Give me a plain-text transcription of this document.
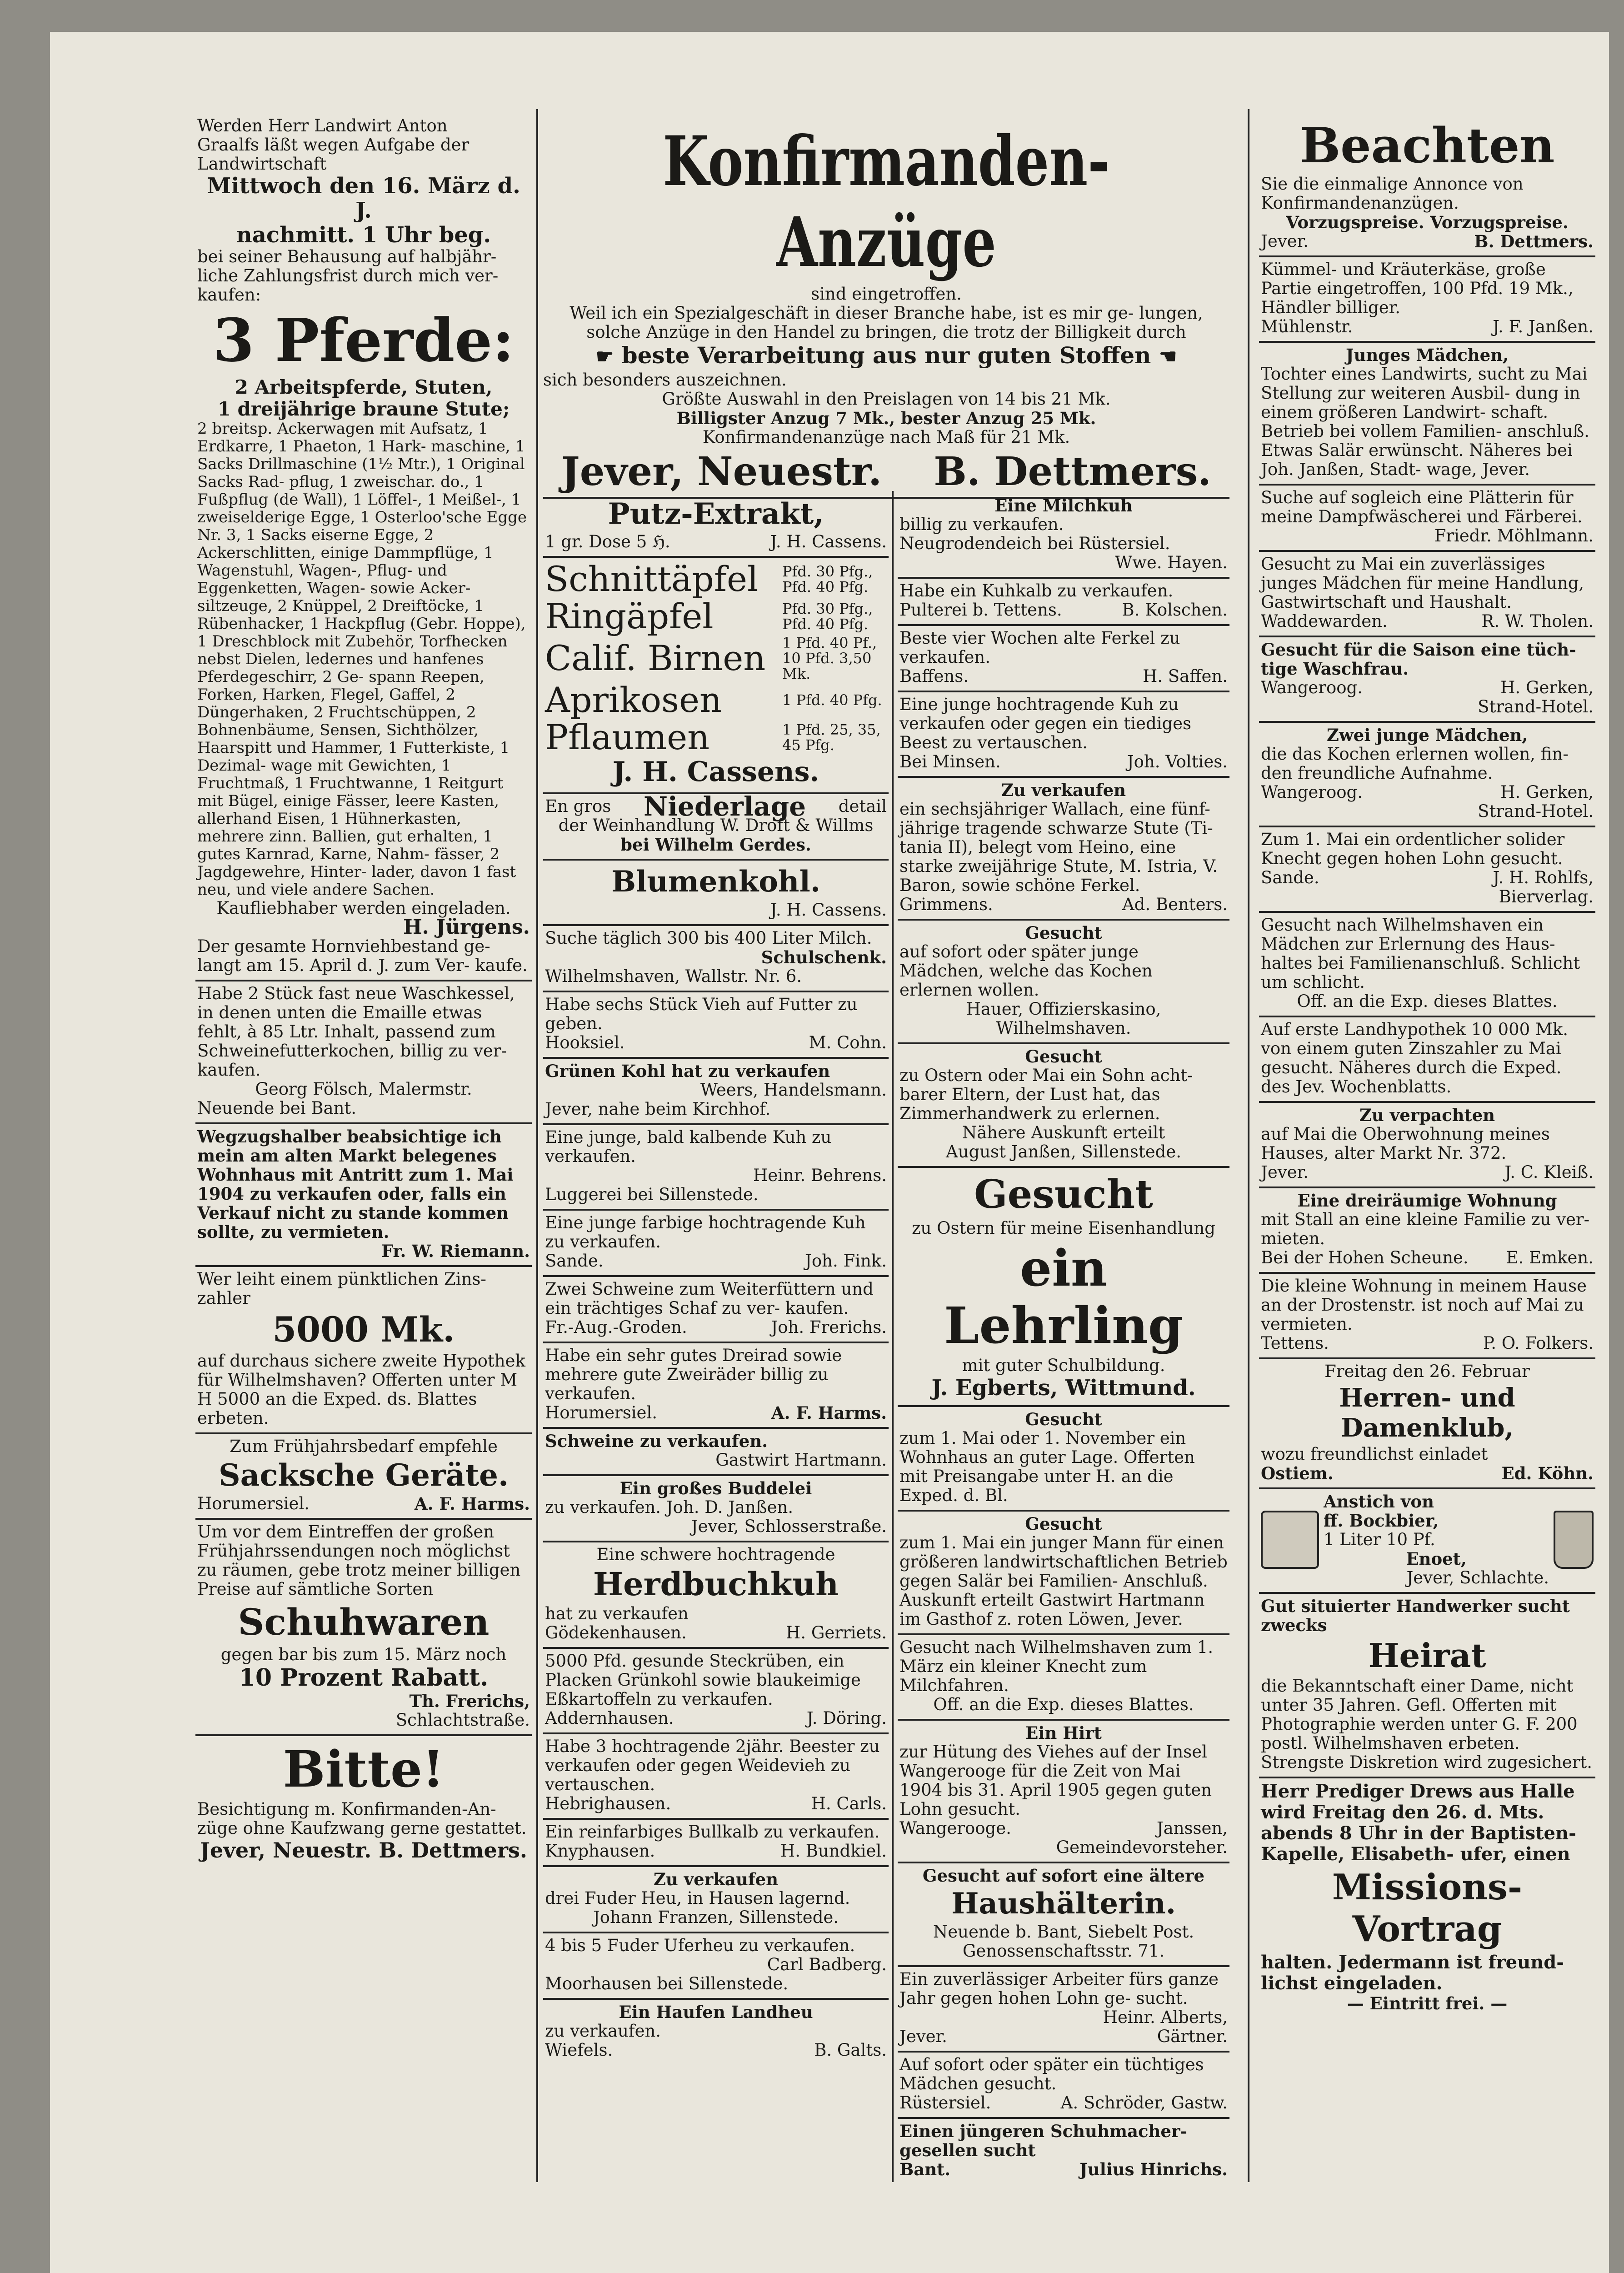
Werden Herr Landwirt Anton

Graalfs läßt wegen Aufgabe der

Landwirtschaft

Mittwoch den 16. März d. J.

nachmitt. 1 Uhr beg.

bei seiner Behausung auf halbjähr- liche Zahlungsfrist durch mich ver- kaufen:

3 Pferde:

2 Arbeitspferde, Stuten,

1 dreijährige braune Stute;

2 breitsp. Ackerwagen mit Aufsatz, 1 Erdkarre, 1 Phaeton, 1 Hark- maschine, 1 Sacks Drillmaschine (1½ Mtr.), 1 Original Sacks Rad- pflug, 1 zweischar. do., 1 Fußpflug (de Wall), 1 Löffel-, 1 Meißel-, 1 zweiselderige Egge, 1 Osterloo'sche Egge Nr. 3, 1 Sacks eiserne Egge, 2 Ackerschlitten, einige Dammpflüge, 1 Wagenstuhl, Wagen-, Pflug- und Eggenketten, Wagen- sowie Acker- siltzeuge, 2 Knüppel, 2 Dreiftöcke, 1 Rübenhacker, 1 Hackpflug (Gebr. Hoppe), 1 Dreschblock mit Zubehör, Torfhecken nebst Dielen, ledernes und hanfenes Pferdegeschirr, 2 Ge- spann Reepen, Forken, Harken, Flegel, Gaffel, 2 Düngerhaken, 2 Fruchtschüppen, 2 Bohnenbäume, Sensen, Sichthölzer, Haarspitt und Hammer, 1 Futterkiste, 1 Dezimal- wage mit Gewichten, 1 Fruchtmaß, 1 Fruchtwanne, 1 Reitgurt mit Bügel, einige Fässer, leere Kasten, allerhand Eisen, 1 Hühnerkasten, mehrere zinn. Ballien, gut erhalten, 1 gutes Karnrad, Karne, Nahm- fässer, 2 Jagdgewehre, Hinter- lader, davon 1 fast neu, und viele andere Sachen.

Kaufliebhaber werden eingeladen.

H. Jürgens.

Der gesamte Hornviehbestand ge- langt am 15. April d. J. zum Ver- kaufe.

Habe 2 Stück fast neue Waschkessel, in denen unten die Emaille etwas fehlt, à 85 Ltr. Inhalt, passend zum Schweinefutterkochen, billig zu ver- kaufen.

Georg Fölsch, Malermstr.

Neuende bei Bant.

Wegzugshalber beabsichtige ich mein am alten Markt belegenes Wohnhaus mit Antritt zum 1. Mai 1904 zu verkaufen oder, falls ein Verkauf nicht zu stande kommen sollte, zu vermieten.

Fr. W. Riemann.

Wer leiht einem pünktlichen Zins- zahler

5000 Mk.

auf durchaus sichere zweite Hypothek für Wilhelmshaven? Offerten unter M H 5000 an die Exped. ds. Blattes erbeten.

Zum Frühjahrsbedarf empfehle

Sacksche Geräte.

Horumersiel.	A. F. Harms.

Um vor dem Eintreffen der großen Frühjahrssendungen noch möglichst zu räumen, gebe trotz meiner billigen Preise auf sämtliche Sorten

Schuhwaren

gegen bar bis zum 15. März noch

10 Prozent Rabatt.

Th. Frerichs,

Schlachtstraße.

Bitte!

Besichtigung m. Konfirmanden-An- züge ohne Kaufzwang gerne gestattet.

Jever, Neuestr. B. Dettmers.

Konfirmanden-Anzüge

sind eingetroffen.

Weil ich ein Spezialgeschäft in dieser Branche habe, ist es mir ge- lungen, solche Anzüge in den Handel zu bringen, die trotz der Billigkeit durch

☛ beste Verarbeitung aus nur guten Stoffen ☚

sich besonders auszeichnen.

Größte Auswahl in den Preislagen von 14 bis 21 Mk.

Billigster Anzug 7 Mk., bester Anzug 25 Mk.

Konfirmandenanzüge nach Maß für 21 Mk.

Jever, Neuestr. B. Dettmers.

Putz-Extrakt,

1 gr. Dose 5 ℌ.	J. H. Cassens.
Schnittäpfel Pfd. 30 Pfg., Pfd. 40 Pfg.
Ringäpfel	Pfd. 30 Pfg., Pfd. 40 Pfg.
Calif. Birnen 1 Pfd. 40 Pf., 10 Pfd. 3,50 Mk.
Aprikosen	1 Pfd. 40 Pfg.
Pflaumen	1 Pfd. 25, 35, 45 Pfg.

J. H. Cassens.

En gros Niederlage detail

der Weinhandlung W. Droft & Willms

bei Wilhelm Gerdes.

Blumenkohl.

J. H. Cassens.

Suche täglich 300 bis 400 Liter Milch.

Schulschenk.

Wilhelmshaven, Wallstr. Nr. 6.

Habe sechs Stück Vieh auf Futter zu geben.

Hooksiel.	M. Cohn.

Grünen Kohl hat zu verkaufen

Weers, Handelsmann.

Jever, nahe beim Kirchhof.

Eine junge, bald kalbende Kuh zu verkaufen.

Heinr. Behrens.

Luggerei bei Sillenstede.

Eine junge farbige hochtragende Kuh zu verkaufen.

Sande.	Joh. Fink.

Zwei Schweine zum Weiterfüttern und ein trächtiges Schaf zu ver- kaufen.

Fr.-Aug.-Groden.	Joh. Frerichs.

Habe ein sehr gutes Dreirad sowie mehrere gute Zweiräder billig zu verkaufen.

Horumersiel.	A. F. Harms.

Schweine zu verkaufen.

Gastwirt Hartmann.

Ein großes Buddelei

zu verkaufen. Joh. D. Janßen.

Jever, Schlosserstraße.

Eine schwere hochtragende

Herdbuchkuh

hat zu verkaufen

Gödekenhausen.	H. Gerriets.

5000 Pfd. gesunde Steckrüben, ein Placken Grünkohl sowie blaukeimige Eßkartoffeln zu verkaufen.

Addernhausen.	J. Döring.

Habe 3 hochtragende 2jähr. Beester zu verkaufen oder gegen Weidevieh zu vertauschen.

Hebrighausen.	H. Carls.

Ein reinfarbiges Bullkalb zu verkaufen.

Knyphausen.	H. Bundkiel.

Zu verkaufen

drei Fuder Heu, in Hausen lagernd.

Johann Franzen, Sillenstede.

4 bis 5 Fuder Uferheu zu verkaufen.

Carl Badberg.

Moorhausen bei Sillenstede.

Ein Haufen Landheu

zu verkaufen.

Wiefels.	B. Galts.

Eine Milchkuh

billig zu verkaufen.

Neugrodendeich bei Rüstersiel.

Wwe. Hayen.

Habe ein Kuhkalb zu verkaufen.

Pulterei b. Tettens.	B. Kolschen.

Beste vier Wochen alte Ferkel zu verkaufen.

Baffens.	H. Saffen.

Eine junge hochtragende Kuh zu verkaufen oder gegen ein tiediges Beest zu vertauschen.

Bei Minsen.	Joh. Volties.

Zu verkaufen

ein sechsjähriger Wallach, eine fünf- jährige tragende schwarze Stute (Ti- tania II), belegt vom Heino, eine starke zweijährige Stute, M. Istria, V. Baron, sowie schöne Ferkel.

Grimmens.	Ad. Benters.

Gesucht

auf sofort oder später junge Mädchen, welche das Kochen erlernen wollen.

Hauer, Offizierskasino,

Wilhelmshaven.

Gesucht

zu Ostern oder Mai ein Sohn acht- barer Eltern, der Lust hat, das Zimmerhandwerk zu erlernen.

Nähere Auskunft erteilt

August Janßen, Sillenstede.

Gesucht

zu Ostern für meine Eisenhandlung

ein Lehrling

mit guter Schulbildung.

J. Egberts, Wittmund.

Gesucht

zum 1. Mai oder 1. November ein Wohnhaus an guter Lage. Offerten mit Preisangabe unter H. an die Exped. d. Bl.

Gesucht

zum 1. Mai ein junger Mann für einen größeren landwirtschaftlichen Betrieb gegen Salär bei Familien- Anschluß.

Auskunft erteilt Gastwirt Hartmann im Gasthof z. roten Löwen, Jever.

Gesucht nach Wilhelmshaven zum 1. März ein kleiner Knecht zum Milchfahren.

Off. an die Exp. dieses Blattes.

Ein Hirt

zur Hütung des Viehes auf der Insel Wangerooge für die Zeit von Mai 1904 bis 31. April 1905 gegen guten Lohn gesucht.

Wangerooge.	Janssen,

Gemeindevorsteher.

Gesucht auf sofort eine ältere

Haushälterin.

Neuende b. Bant, Siebelt Post.

Genossenschaftsstr. 71.

Ein zuverlässiger Arbeiter fürs ganze Jahr gegen hohen Lohn ge- sucht.

Heinr. Alberts,

Jever.	Gärtner.

Auf sofort oder später ein tüchtiges Mädchen gesucht.

Rüstersiel.	A. Schröder, Gastw.

Einen jüngeren Schuhmacher- gesellen sucht

Bant.	Julius Hinrichs.

Beachten

Sie die einmalige Annonce von Konfirmandenanzügen.

Vorzugspreise. Vorzugspreise.

Jever.	B. Dettmers.

Kümmel- und Kräuterkäse, große Partie eingetroffen, 100 Pfd. 19 Mk., Händler billiger.

Mühlenstr.	J. F. Janßen.

Junges Mädchen,

Tochter eines Landwirts, sucht zu Mai Stellung zur weiteren Ausbil- dung in einem größeren Landwirt- schaft. Betrieb bei vollem Familien- anschluß. Etwas Salär erwünscht. Näheres bei Joh. Janßen, Stadt- wage, Jever.

Suche auf sogleich eine Plätterin für meine Dampfwäscherei und Färberei.

Friedr. Möhlmann.

Gesucht zu Mai ein zuverlässiges junges Mädchen für meine Handlung, Gastwirtschaft und Haushalt.

Waddewarden.	R. W. Tholen.

Gesucht für die Saison eine tüch- tige Waschfrau.

Wangeroog.	H. Gerken,

Strand-Hotel.

Zwei junge Mädchen,

die das Kochen erlernen wollen, fin- den freundliche Aufnahme.

Wangeroog.	H. Gerken,

Strand-Hotel.

Zum 1. Mai ein ordentlicher solider Knecht gegen hohen Lohn gesucht.

Sande.	J. H. Rohlfs,

Bierverlag.

Gesucht nach Wilhelmshaven ein Mädchen zur Erlernung des Haus- haltes bei Familienanschluß. Schlicht um schlicht.

Off. an die Exp. dieses Blattes.

Auf erste Landhypothek 10 000 Mk. von einem guten Zinszahler zu Mai gesucht. Näheres durch die Exped. des Jev. Wochenblatts.

Zu verpachten

auf Mai die Oberwohnung meines Hauses, alter Markt Nr. 372.

Jever.	J. C. Kleiß.

Eine dreiräumige Wohnung

mit Stall an eine kleine Familie zu ver- mieten.

Bei der Hohen Scheune. E. Emken.

Die kleine Wohnung in meinem Hause an der Drostenstr. ist noch auf Mai zu vermieten.

Tettens.	P. O. Folkers.

Freitag den 26. Februar

Herren- und Damenklub,

wozu freundlichst einladet

Ostiem.	Ed. Köhn.

Anstich von

ff. Bockbier,

1 Liter 10 Pf.

Enoet,

Jever, Schlachte.

Gut situierter Handwerker sucht zwecks

Heirat

die Bekanntschaft einer Dame, nicht unter 35 Jahren. Gefl. Offerten mit Photographie werden unter G. F. 200 postl. Wilhelmshaven erbeten. Strengste Diskretion wird zugesichert.

Herr Prediger Drews aus Halle wird Freitag den 26. d. Mts. abends 8 Uhr in der Baptisten-Kapelle, Elisabeth- ufer, einen

Missions-Vortrag

halten. Jedermann ist freund- lichst eingeladen.

— Eintritt frei. —
